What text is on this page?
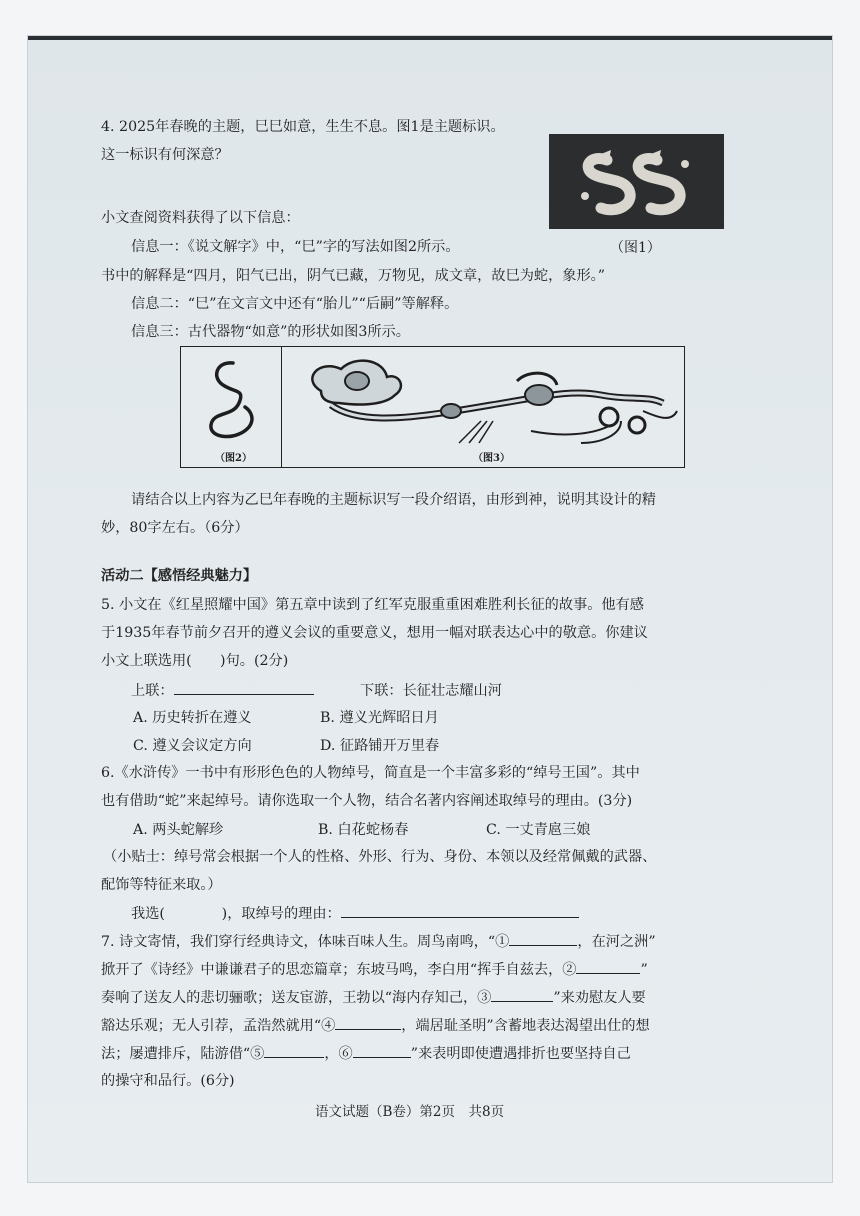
4. 2025年春晚的主题，巳巳如意，生生不息。图1是主题标识。
这一标识有何深意？
（图1）
小文查阅资料获得了以下信息：
信息一：《说文解字》中，“巳”字的写法如图2所示。
书中的解释是“四月，阳气已出，阴气已藏，万物见，成文章，故巳为蛇，象形。”
信息二：“巳”在文言文中还有“胎儿”“后嗣”等解释。
信息三：古代器物“如意”的形状如图3所示。
（图2）	（图3）
请结合以上内容为乙巳年春晚的主题标识写一段介绍语，由形到神，说明其设计的精
妙，80字左右。（6分）
活动二【感悟经典魅力】
5. 小文在《红星照耀中国》第五章中读到了红军克服重重困难胜利长征的故事。他有感
于1935年春节前夕召开的遵义会议的重要意义，想用一幅对联表达心中的敬意。你建议
小文上联选用(　　)句。(2分)
上联：	下联：长征壮志耀山河
A. 历史转折在遵义	B. 遵义光辉昭日月
C. 遵义会议定方向	D. 征路铺开万里春
6.《水浒传》一书中有形形色色的人物绰号，简直是一个丰富多彩的“绰号王国”。其中
也有借助“蛇”来起绰号。请你选取一个人物，结合名著内容阐述取绰号的理由。(3分)
A. 两头蛇解珍	B. 白花蛇杨春	C. 一丈青扈三娘
（小贴士：绰号常会根据一个人的性格、外形、行为、身份、本领以及经常佩戴的武器、
配饰等特征来取。）
我选(　　　　)，取绰号的理由：
7. 诗文寄情，我们穿行经典诗文，体味百味人生。周鸟南鸣，“①	，在河之洲”
掀开了《诗经》中谦谦君子的思恋篇章；东坡马鸣，李白用“挥手自兹去，②	”
奏响了送友人的悲切骊歌；送友宦游，王勃以“海内存知己，③	”来劝慰友人要
豁达乐观；无人引荐，孟浩然就用“④	，端居耻圣明”含蓄地表达渴望出仕的想
法；屡遭排斥，陆游借“⑤	，⑥	”来表明即使遭遇排折也要坚持自己
的操守和品行。(6分)
语文试题（B卷）第2页　共8页
